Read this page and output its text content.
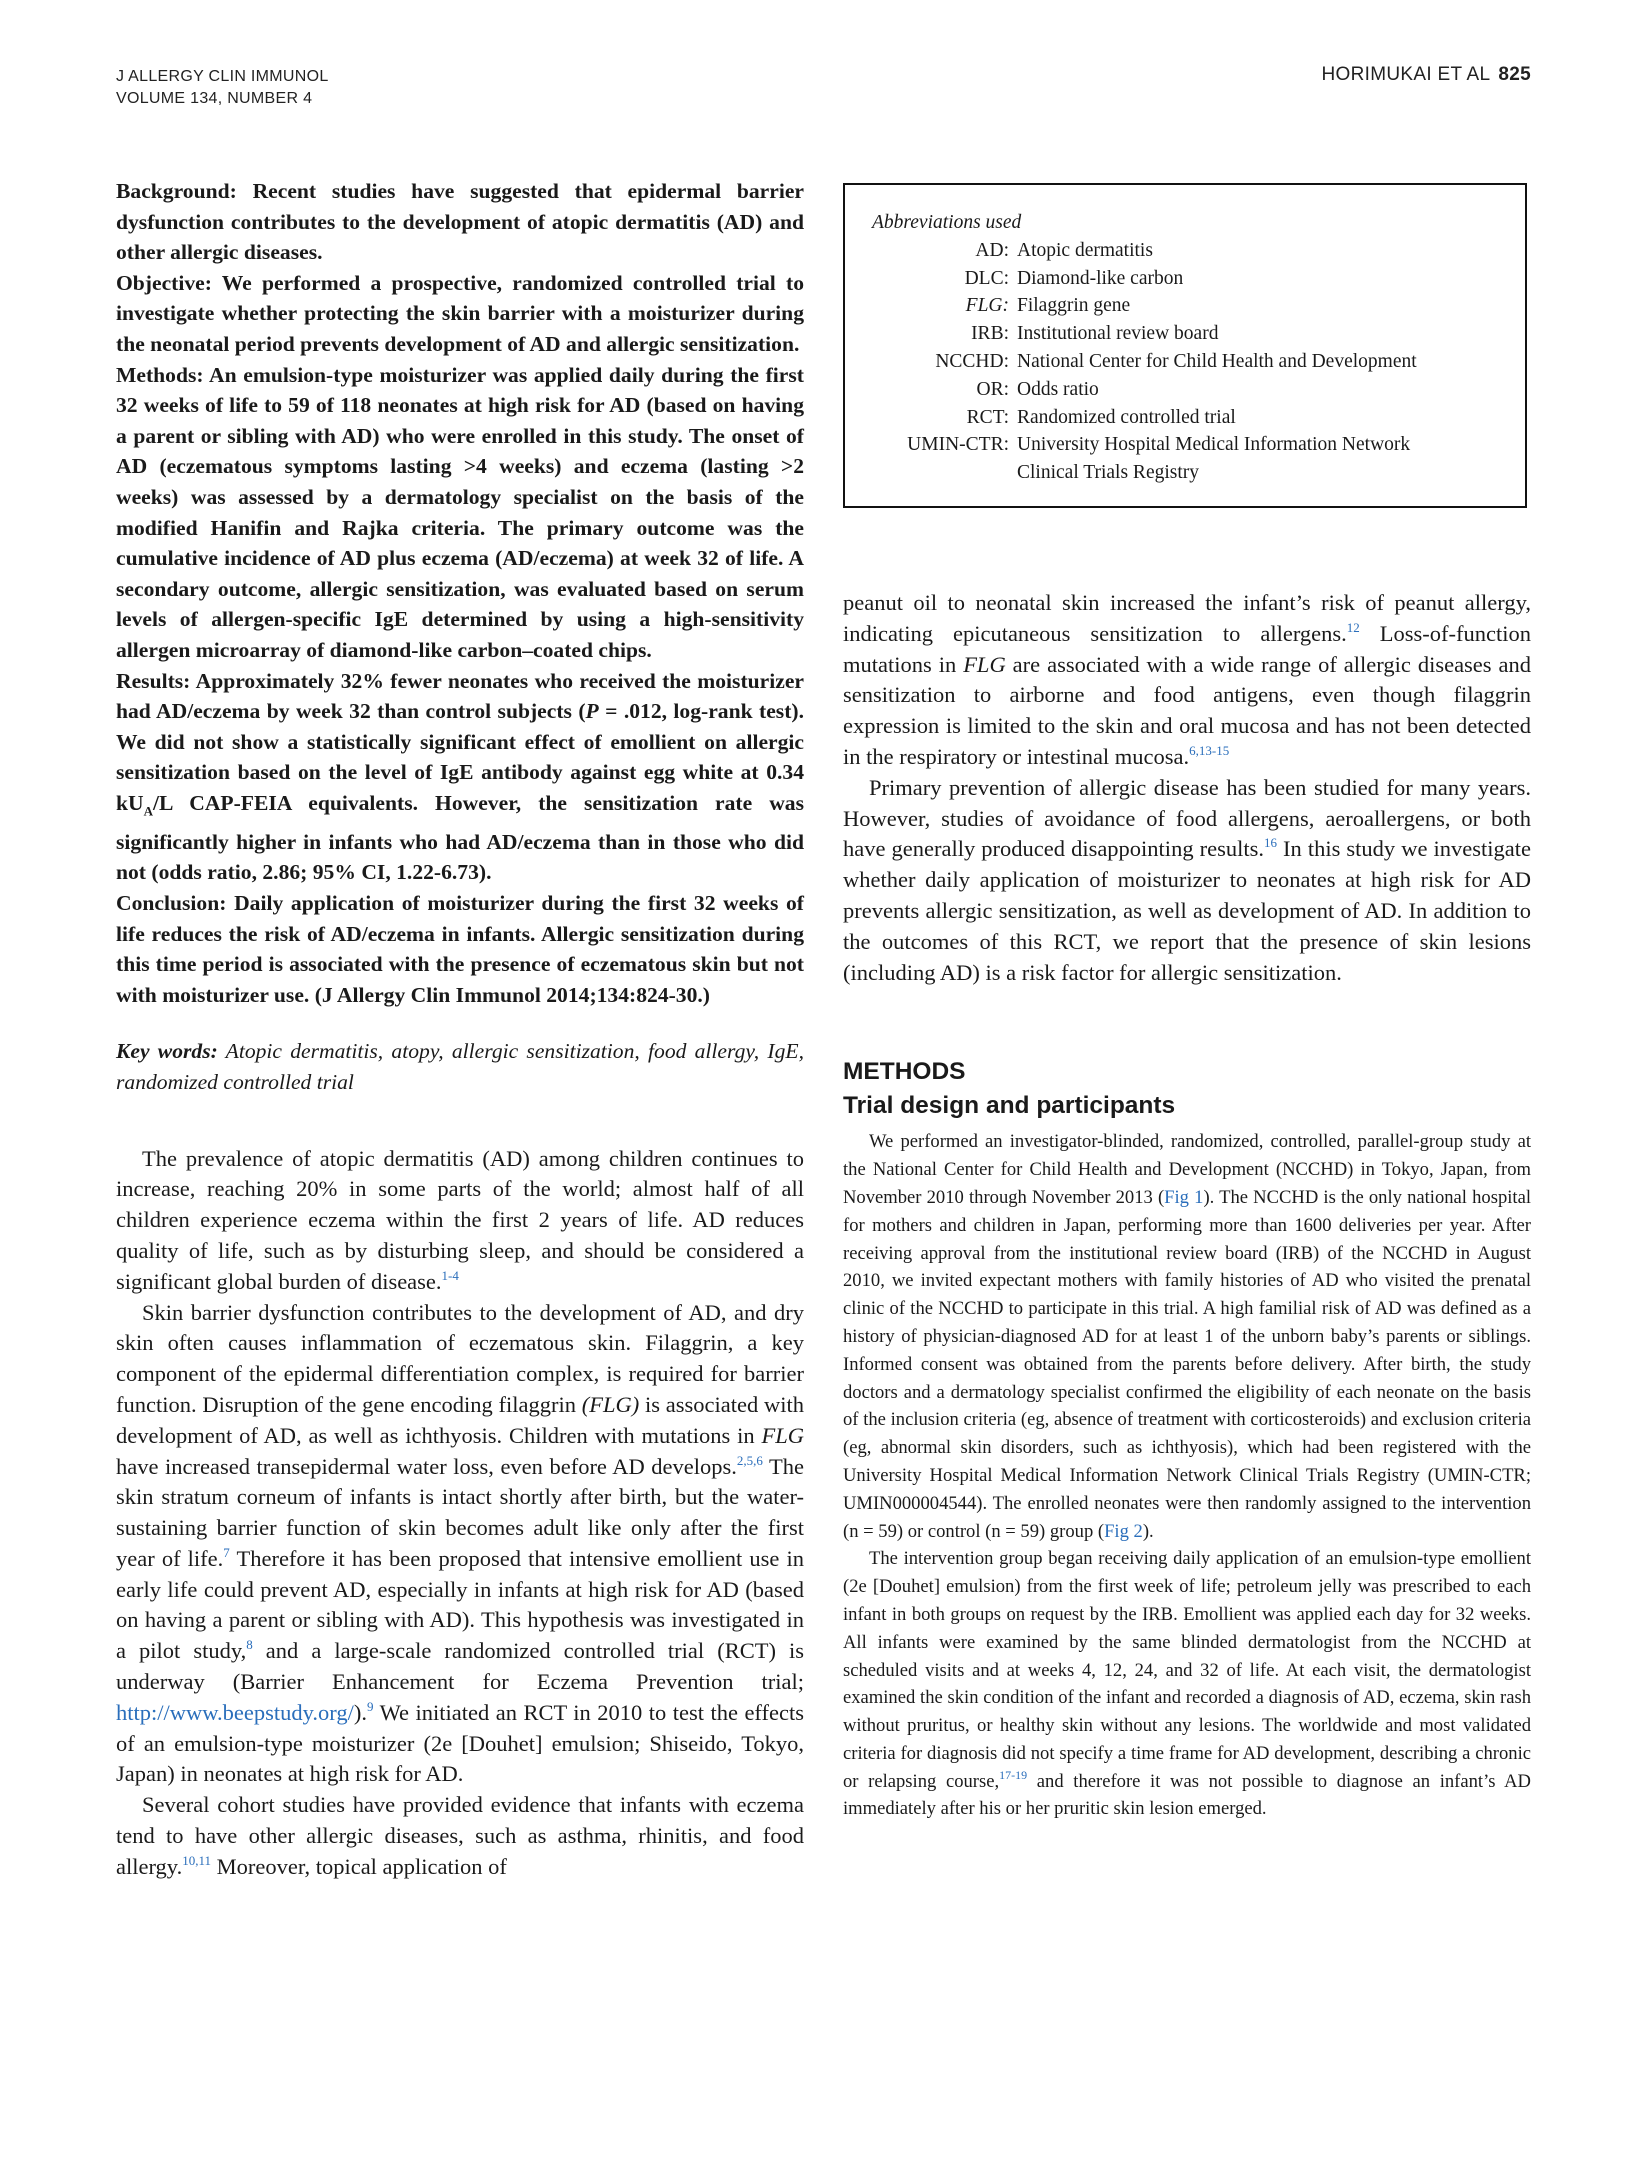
J ALLERGY CLIN IMMUNOL
VOLUME 134, NUMBER 4
HORIMUKAI ET AL 825

Background: Recent studies have suggested that epidermal barrier dysfunction contributes to the development of atopic dermatitis (AD) and other allergic diseases.

Objective: We performed a prospective, randomized controlled trial to investigate whether protecting the skin barrier with a moisturizer during the neonatal period prevents development of AD and allergic sensitization.

Methods: An emulsion-type moisturizer was applied daily during the first 32 weeks of life to 59 of 118 neonates at high risk for AD (based on having a parent or sibling with AD) who were enrolled in this study. The onset of AD (eczematous symptoms lasting >4 weeks) and eczema (lasting >2 weeks) was assessed by a dermatology specialist on the basis of the modified Hanifin and Rajka criteria. The primary outcome was the cumulative incidence of AD plus eczema (AD/eczema) at week 32 of life. A secondary outcome, allergic sensitization, was evaluated based on serum levels of allergen-specific IgE determined by using a high-sensitivity allergen microarray of diamond-like carbon–coated chips.

Results: Approximately 32% fewer neonates who received the moisturizer had AD/eczema by week 32 than control subjects (P = .012, log-rank test). We did not show a statistically significant effect of emollient on allergic sensitization based on the level of IgE antibody against egg white at 0.34 $kU_A/L$ CAP-FEIA equivalents. However, the sensitization rate was significantly higher in infants who had AD/eczema than in those who did not (odds ratio, 2.86; 95% CI, 1.22-6.73).

Conclusion: Daily application of moisturizer during the first 32 weeks of life reduces the risk of AD/eczema in infants. Allergic sensitization during this time period is associated with the presence of eczematous skin but not with moisturizer use. (J Allergy Clin Immunol 2014;134:824-30.)

Key words: Atopic dermatitis, atopy, allergic sensitization, food allergy, IgE, randomized controlled trial

The prevalence of atopic dermatitis (AD) among children continues to increase, reaching 20% in some parts of the world; almost half of all children experience eczema within the first 2 years of life. AD reduces quality of life, such as by disturbing sleep, and should be considered a significant global burden of disease.$^{1-4}$

Skin barrier dysfunction contributes to the development of AD, and dry skin often causes inflammation of eczematous skin. Filaggrin, a key component of the epidermal differentiation complex, is required for barrier function. Disruption of the gene encoding filaggrin (FLG) is associated with development of AD, as well as ichthyosis. Children with mutations in FLG have increased transepidermal water loss, even before AD develops.$^{2,5,6}$ The skin stratum corneum of infants is intact shortly after birth, but the water-sustaining barrier function of skin becomes adult like only after the first year of life.$^7$ Therefore it has been proposed that intensive emollient use in early life could prevent AD, especially in infants at high risk for AD (based on having a parent or sibling with AD). This hypothesis was investigated in a pilot study,$^8$ and a large-scale randomized controlled trial (RCT) is underway (Barrier Enhancement for Eczema Prevention trial; http://www.beepstudy.org/).$^9$ We initiated an RCT in 2010 to test the effects of an emulsion-type moisturizer (2e [Douhet] emulsion; Shiseido, Tokyo, Japan) in neonates at high risk for AD.

Several cohort studies have provided evidence that infants with eczema tend to have other allergic diseases, such as asthma, rhinitis, and food allergy.$^{10,11}$ Moreover, topical application of

Abbreviations used
AD: Atopic dermatitis
DLC: Diamond-like carbon
FLG: Filaggrin gene
IRB: Institutional review board
NCCHD: National Center for Child Health and Development
OR: Odds ratio
RCT: Randomized controlled trial
UMIN-CTR: University Hospital Medical Information Network
Clinical Trials Registry

peanut oil to neonatal skin increased the infant’s risk of peanut allergy, indicating epicutaneous sensitization to allergens.$^{12}$ Loss-of-function mutations in FLG are associated with a wide range of allergic diseases and sensitization to airborne and food antigens, even though filaggrin expression is limited to the skin and oral mucosa and has not been detected in the respiratory or intestinal mucosa.$^{6,13-15}$

Primary prevention of allergic disease has been studied for many years. However, studies of avoidance of food allergens, aeroallergens, or both have generally produced disappointing results.$^{16}$ In this study we investigate whether daily application of moisturizer to neonates at high risk for AD prevents allergic sensitization, as well as development of AD. In addition to the outcomes of this RCT, we report that the presence of skin lesions (including AD) is a risk factor for allergic sensitization.

METHODS
Trial design and participants

We performed an investigator-blinded, randomized, controlled, parallel-group study at the National Center for Child Health and Development (NCCHD) in Tokyo, Japan, from November 2010 through November 2013 (Fig 1). The NCCHD is the only national hospital for mothers and children in Japan, performing more than 1600 deliveries per year. After receiving approval from the institutional review board (IRB) of the NCCHD in August 2010, we invited expectant mothers with family histories of AD who visited the prenatal clinic of the NCCHD to participate in this trial. A high familial risk of AD was defined as a history of physician-diagnosed AD for at least 1 of the unborn baby’s parents or siblings. Informed consent was obtained from the parents before delivery. After birth, the study doctors and a dermatology specialist confirmed the eligibility of each neonate on the basis of the inclusion criteria (eg, absence of treatment with corticosteroids) and exclusion criteria (eg, abnormal skin disorders, such as ichthyosis), which had been registered with the University Hospital Medical Information Network Clinical Trials Registry (UMIN-CTR; UMIN000004544). The enrolled neonates were then randomly assigned to the intervention (n = 59) or control (n = 59) group (Fig 2).

The intervention group began receiving daily application of an emulsion-type emollient (2e [Douhet] emulsion) from the first week of life; petroleum jelly was prescribed to each infant in both groups on request by the IRB. Emollient was applied each day for 32 weeks. All infants were examined by the same blinded dermatologist from the NCCHD at scheduled visits and at weeks 4, 12, 24, and 32 of life. At each visit, the dermatologist examined the skin condition of the infant and recorded a diagnosis of AD, eczema, skin rash without pruritus, or healthy skin without any lesions. The worldwide and most validated criteria for diagnosis did not specify a time frame for AD development, describing a chronic or relapsing course,$^{17-19}$ and therefore it was not possible to diagnose an infant’s AD immediately after his or her pruritic skin lesion emerged.
